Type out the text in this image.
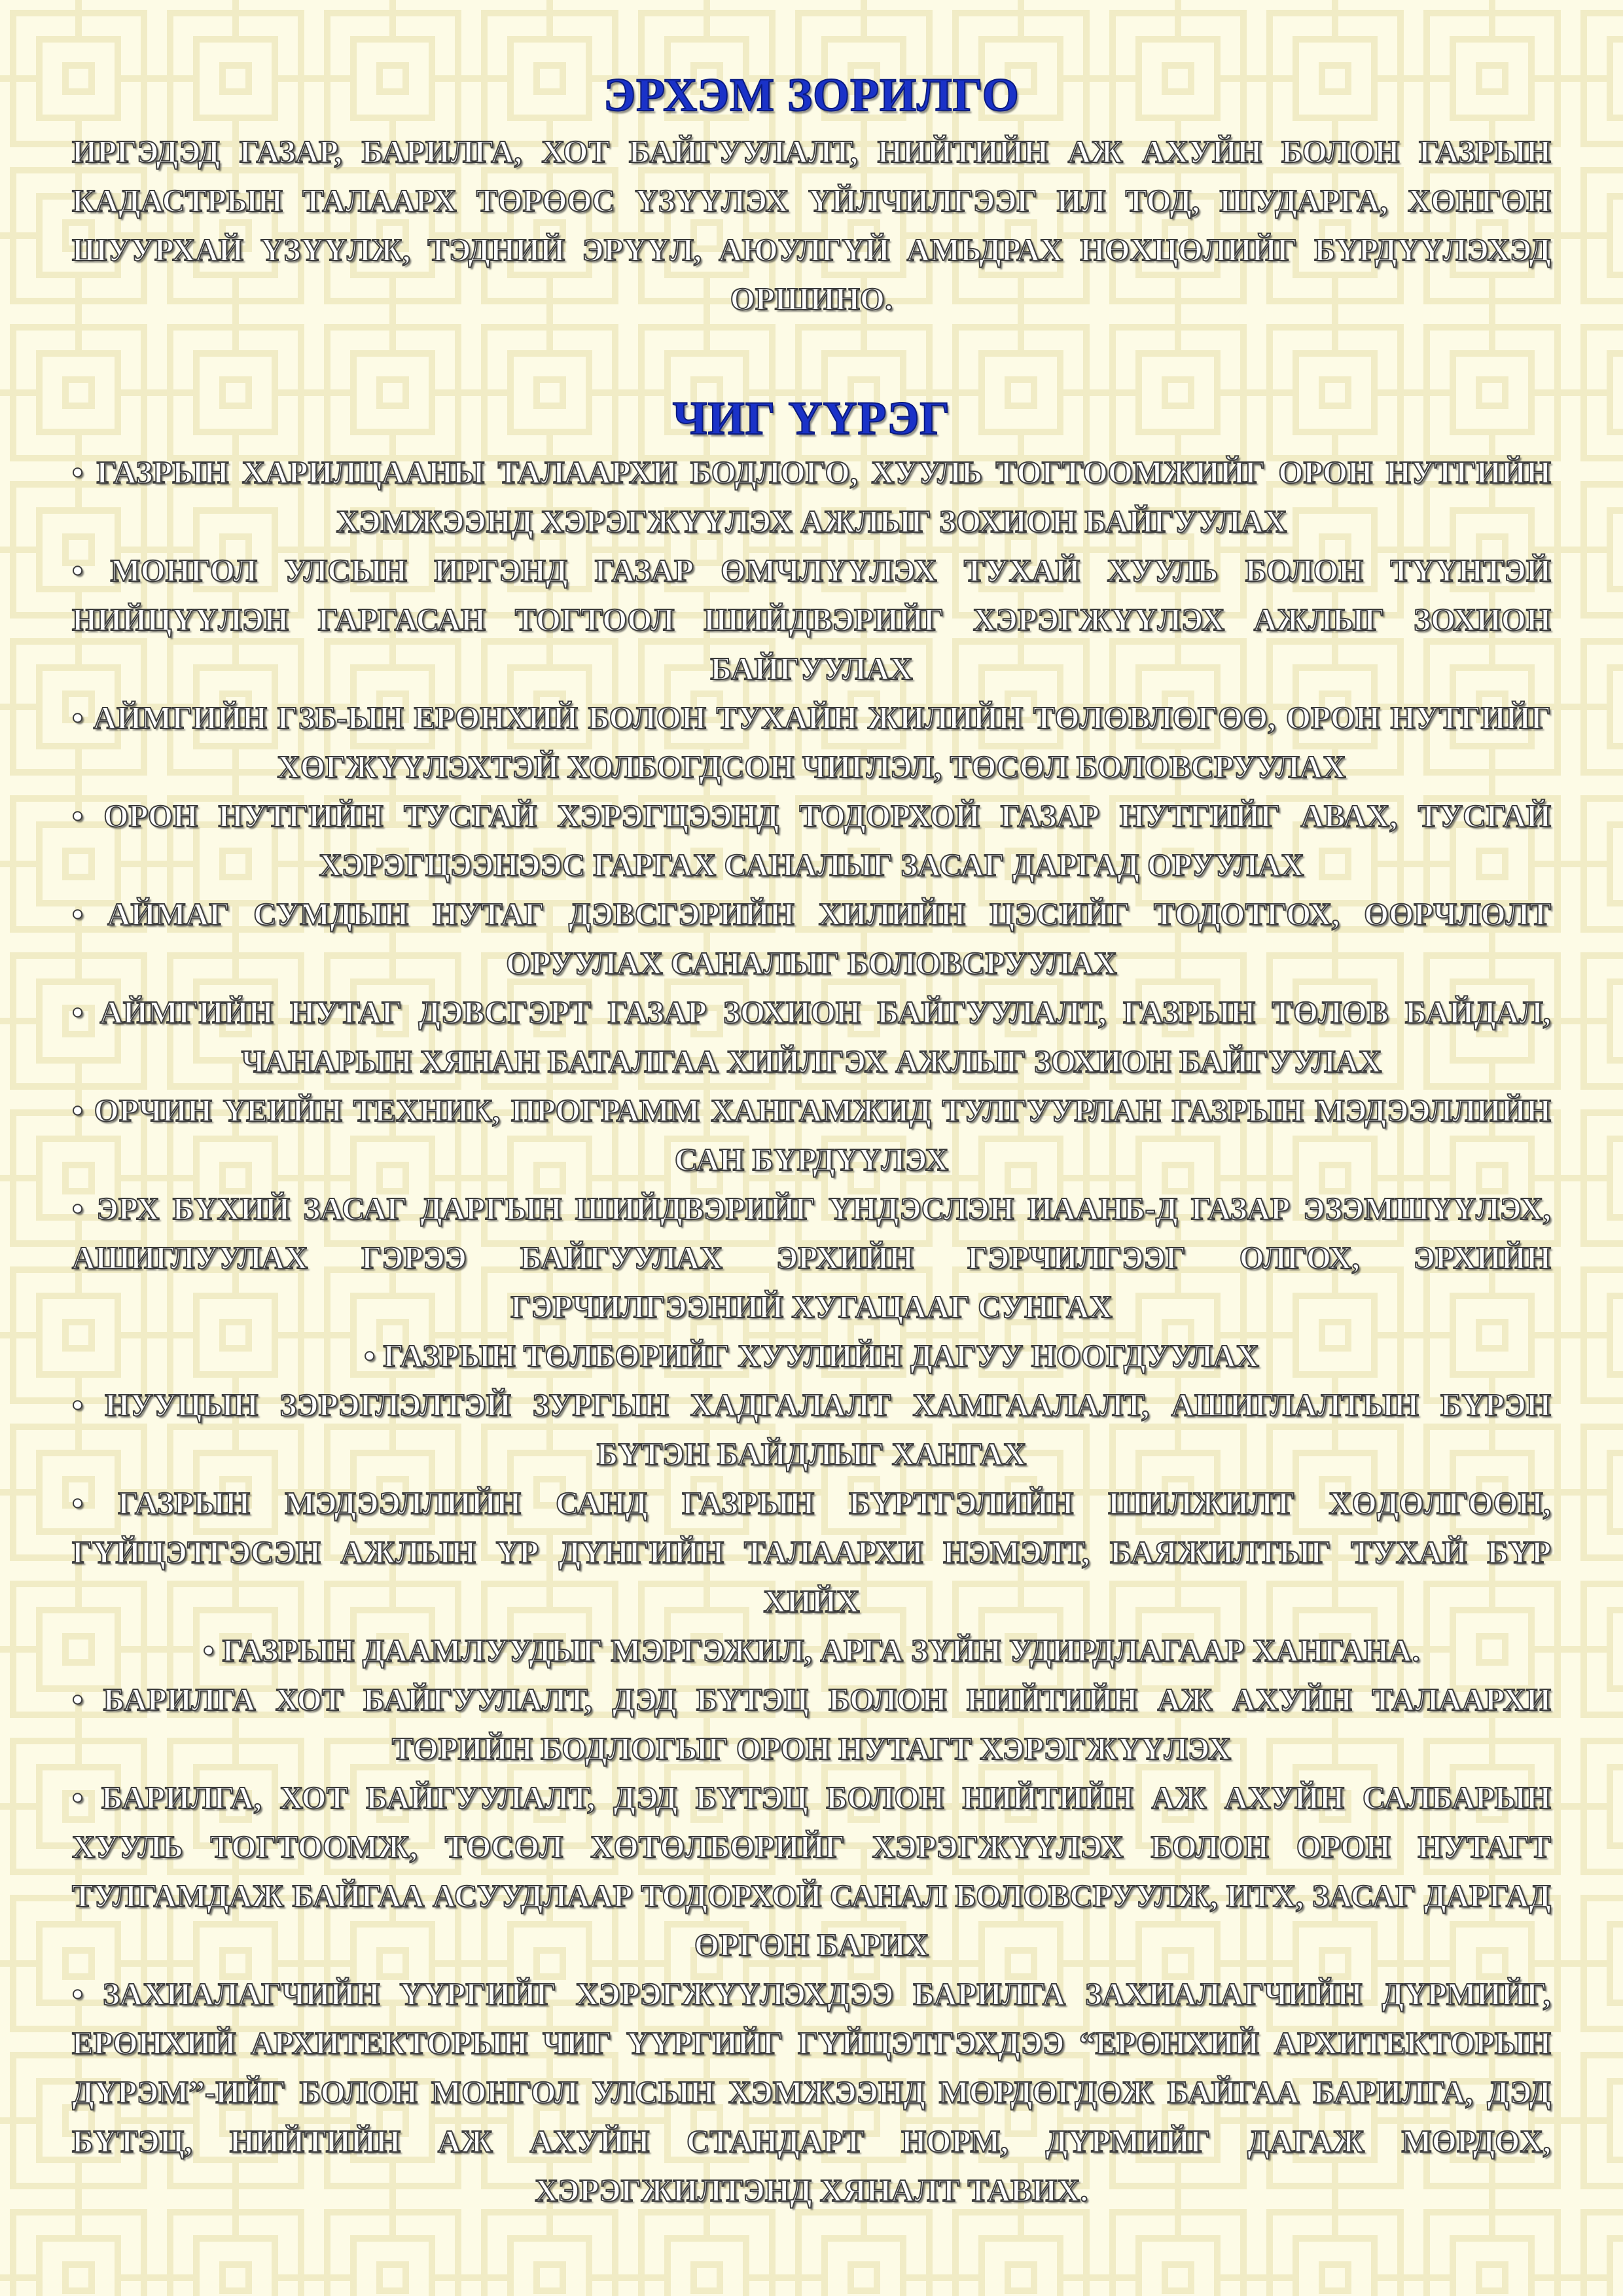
ЭРХЭМ ЗОРИЛГО

ИРГЭДЭД ГАЗАР, БАРИЛГА, ХОТ БАЙГУУЛАЛТ, НИЙТИЙН АЖ АХУЙН БОЛОН ГАЗРЫН КАДАСТРЫН ТАЛААРХ ТӨРӨӨС ҮЗҮҮЛЭХ ҮЙЛЧИЛГЭЭГ ИЛ ТОД, ШУДАРГА, ХӨНГӨН ШУУРХАЙ ҮЗҮҮЛЖ, ТЭДНИЙ ЭРҮҮЛ, АЮУЛГҮЙ АМЬДРАХ НӨХЦӨЛИЙГ БҮРДҮҮЛЭХЭД ОРШИНО.

ЧИГ ҮҮРЭГ

• ГАЗРЫН ХАРИЛЦААНЫ ТАЛААРХИ БОДЛОГО, ХУУЛЬ ТОГТООМЖИЙГ ОРОН НУТГИЙН ХЭМЖЭЭНД ХЭРЭГЖҮҮЛЭХ АЖЛЫГ ЗОХИОН БАЙГУУЛАХ

• МОНГОЛ УЛСЫН ИРГЭНД ГАЗАР ӨМЧЛҮҮЛЭХ ТУХАЙ ХУУЛЬ БОЛОН ТҮҮНТЭЙ НИЙЦҮҮЛЭН ГАРГАСАН ТОГТООЛ ШИЙДВЭРИЙГ ХЭРЭГЖҮҮЛЭХ АЖЛЫГ ЗОХИОН БАЙГУУЛАХ

• АЙМГИЙН ГЗБ-ЫН ЕРӨНХИЙ БОЛОН ТУХАЙН ЖИЛИЙН ТӨЛӨВЛӨГӨӨ, ОРОН НУТГИЙГ ХӨГЖҮҮЛЭХТЭЙ ХОЛБОГДСОН ЧИГЛЭЛ, ТӨСӨЛ БОЛОВСРУУЛАХ

• ОРОН НУТГИЙН ТУСГАЙ ХЭРЭГЦЭЭНД ТОДОРХОЙ ГАЗАР НУТГИЙГ АВАХ, ТУСГАЙ ХЭРЭГЦЭЭНЭЭС ГАРГАХ САНАЛЫГ ЗАСАГ ДАРГАД ОРУУЛАХ

• АЙМАГ СУМДЫН НУТАГ ДЭВСГЭРИЙН ХИЛИЙН ЦЭСИЙГ ТОДОТГОХ, ӨӨРЧЛӨЛТ ОРУУЛАХ САНАЛЫГ БОЛОВСРУУЛАХ

• АЙМГИЙН НУТАГ ДЭВСГЭРТ ГАЗАР ЗОХИОН БАЙГУУЛАЛТ, ГАЗРЫН ТӨЛӨВ БАЙДАЛ, ЧАНАРЫН ХЯНАН БАТАЛГАА ХИЙЛГЭХ АЖЛЫГ ЗОХИОН БАЙГУУЛАХ

• ОРЧИН ҮЕИЙН ТЕХНИК, ПРОГРАММ ХАНГАМЖИД ТУЛГУУРЛАН ГАЗРЫН МЭДЭЭЛЛИЙН САН БҮРДҮҮЛЭХ

• ЭРХ БҮХИЙ ЗАСАГ ДАРГЫН ШИЙДВЭРИЙГ ҮНДЭСЛЭН ИААНБ-Д ГАЗАР ЭЗЭМШҮҮЛЭХ, АШИГЛУУЛАХ ГЭРЭЭ БАЙГУУЛАХ ЭРХИЙН ГЭРЧИЛГЭЭГ ОЛГОХ, ЭРХИЙН ГЭРЧИЛГЭЭНИЙ ХУГАЦААГ СУНГАХ

• ГАЗРЫН ТӨЛБӨРИЙГ ХУУЛИЙН ДАГУУ НООГДУУЛАХ

• НУУЦЫН ЗЭРЭГЛЭЛТЭЙ ЗУРГЫН ХАДГАЛАЛТ ХАМГААЛАЛТ, АШИГЛАЛТЫН БҮРЭН БҮТЭН БАЙДЛЫГ ХАНГАХ

• ГАЗРЫН МЭДЭЭЛЛИЙН САНД ГАЗРЫН БҮРТГЭЛИЙН ШИЛЖИЛТ ХӨДӨЛГӨӨН, ГҮЙЦЭТГЭСЭН АЖЛЫН ҮР ДҮНГИЙН ТАЛААРХИ НЭМЭЛТ, БАЯЖИЛТЫГ ТУХАЙ БҮР ХИЙХ

• ГАЗРЫН ДААМЛУУДЫГ МЭРГЭЖИЛ, АРГА ЗҮЙН УДИРДЛАГААР ХАНГАНА.

• БАРИЛГА ХОТ БАЙГУУЛАЛТ, ДЭД БҮТЭЦ БОЛОН НИЙТИЙН АЖ АХУЙН ТАЛААРХИ ТӨРИЙН БОДЛОГЫГ ОРОН НУТАГТ ХЭРЭГЖҮҮЛЭХ

• БАРИЛГА, ХОТ БАЙГУУЛАЛТ, ДЭД БҮТЭЦ БОЛОН НИЙТИЙН АЖ АХУЙН САЛБАРЫН ХУУЛЬ ТОГТООМЖ, ТӨСӨЛ ХӨТӨЛБӨРИЙГ ХЭРЭГЖҮҮЛЭХ БОЛОН ОРОН НУТАГТ ТУЛГАМДАЖ БАЙГАА АСУУДЛААР ТОДОРХОЙ САНАЛ БОЛОВСРУУЛЖ, ИТХ, ЗАСАГ ДАРГАД ӨРГӨН БАРИХ

• ЗАХИАЛАГЧИЙН ҮҮРГИЙГ ХЭРЭГЖҮҮЛЭХДЭЭ БАРИЛГА ЗАХИАЛАГЧИЙН ДҮРМИЙГ, ЕРӨНХИЙ АРХИТЕКТОРЫН ЧИГ ҮҮРГИЙГ ГҮЙЦЭТГЭХДЭЭ “ЕРӨНХИЙ АРХИТЕКТОРЫН ДҮРЭМ”-ИЙГ БОЛОН МОНГОЛ УЛСЫН ХЭМЖЭЭНД МӨРДӨГДӨЖ БАЙГАА БАРИЛГА, ДЭД БҮТЭЦ, НИЙТИЙН АЖ АХУЙН СТАНДАРТ НОРМ, ДҮРМИЙГ ДАГАЖ МӨРДӨХ, ХЭРЭГЖИЛТЭНД ХЯНАЛТ ТАВИХ.
